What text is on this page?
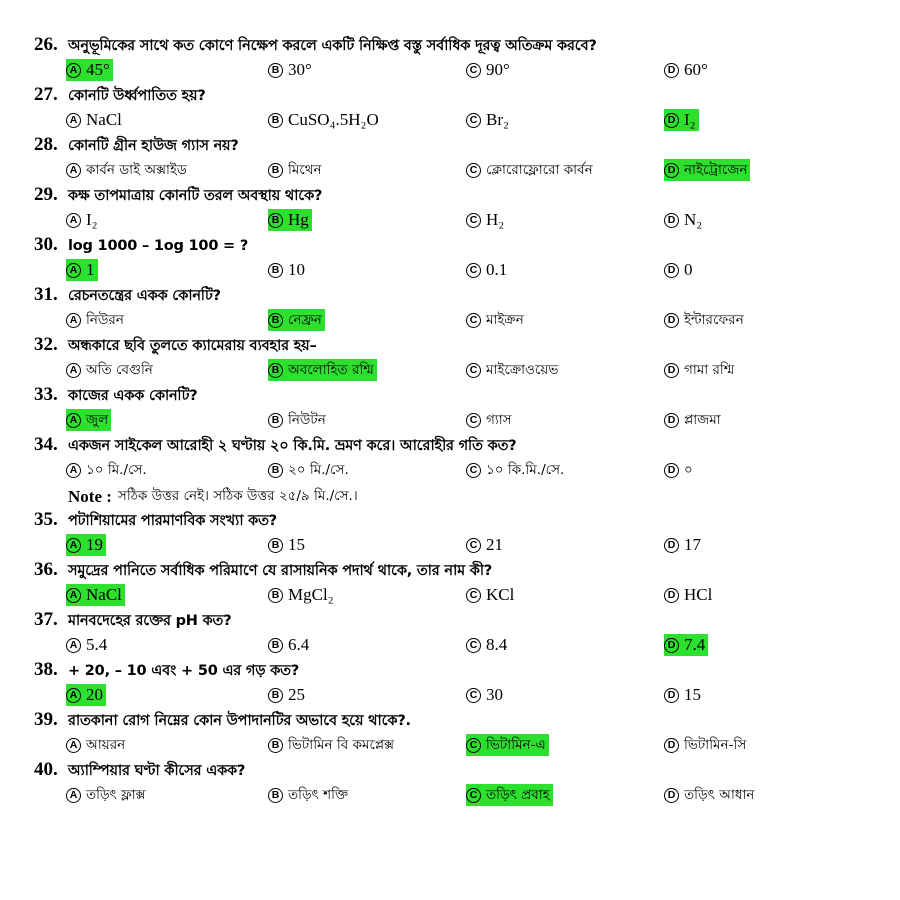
26. অনুভূমিকের সাথে কত কোণে নিক্ষেপ করলে একটি নিক্ষিপ্ত বস্তু সর্বাধিক দূরত্ব অতিক্রম করবে?
A 45°	B 30°	C 90°	D 60°
27. কোনটি উর্ধ্বপাতিত হয়?
A NaCl	B CuSO₄.5H₂O	C Br₂	D I₂
28. কোনটি গ্রীন হাউজ গ্যাস নয়?
A কার্বন ডাই অক্সাইড	B মিথেন	C ক্লোরোফ্লোরো কার্বন	D নাইট্রোজেন
29. কক্ষ তাপমাত্রায় কোনটি তরল অবস্থায় থাকে?
A I₂	B Hg	C H₂	D N₂
30. log 1000 – 1og 100 = ?
A 1	B 10	C 0.1	D 0
31. রেচনতন্ত্রের একক কোনটি?
A নিউরন	B নেফ্রন	C মাইক্রন	D ইন্টারফেরন
32. অন্ধকারে ছবি তুলতে ক্যামেরায় ব্যবহার হয়–
A অতি বেগুনি	B অবলোহিত রশ্মি	C মাইক্রোওয়েভ	D গামা রশ্মি
33. কাজের একক কোনটি?
A জুল	B নিউটন	C গ্যাস	D প্লাজমা
34. একজন সাইকেল আরোহী ২ ঘণ্টায় ২০ কি.মি. ভ্রমণ করে। আরোহীর গতি কত?
A ১০ মি./সে.	B ২০ মি./সে.	C ১০ কি.মি./সে.	D ০
Note : সঠিক উত্তর নেই। সঠিক উত্তর ২৫/৯ মি./সে.।
35. পটাশিয়ামের পারমাণবিক সংখ্যা কত?
A 19	B 15	C 21	D 17
36. সমুদ্রের পানিতে সর্বাধিক পরিমাণে যে রাসায়নিক পদার্থ থাকে, তার নাম কী?
A NaCl	B MgCl₂	C KCl	D HCl
37. মানবদেহের রক্তের pH কত?
A 5.4	B 6.4	C 8.4	D 7.4
38. + 20, – 10 এবং + 50 এর গড় কত?
A 20	B 25	C 30	D 15
39. রাতকানা রোগ নিম্নের কোন উপাদানটির অভাবে হয়ে থাকে?.
A আয়রন	B ভিটামিন বি কমপ্লেক্স	C ভিটামিন-এ	D ভিটামিন-সি
40. অ্যাম্পিয়ার ঘণ্টা কীসের একক?
A তড়িৎ ফ্লাক্স	B তড়িৎ শক্তি	C তড়িৎ প্রবাহ	D তড়িৎ আধান
